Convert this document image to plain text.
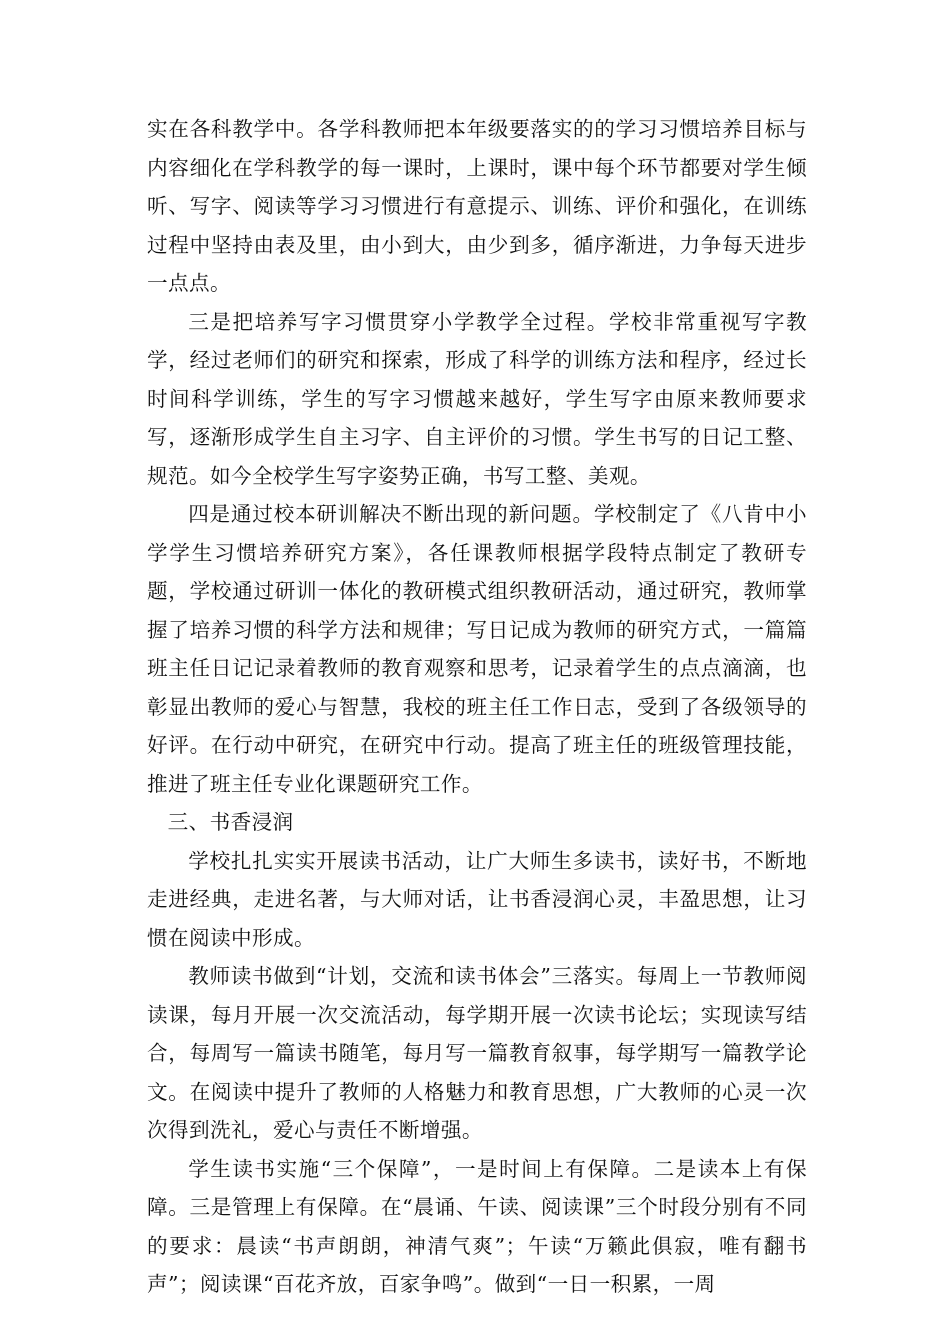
实在各科教学中。各学科教师把本年级要落实的的学习习惯培养目标与内容细化在学科教学的每一课时，上课时，课中每个环节都要对学生倾听、写字、阅读等学习习惯进行有意提示、训练、评价和强化，在训练过程中坚持由表及里，由小到大，由少到多，循序渐进，力争每天进步一点点。

三是把培养写字习惯贯穿小学教学全过程。学校非常重视写字教学，经过老师们的研究和探索，形成了科学的训练方法和程序，经过长时间科学训练，学生的写字习惯越来越好，学生写字由原来教师要求写，逐渐形成学生自主习字、自主评价的习惯。学生书写的日记工整、规范。如今全校学生写字姿势正确，书写工整、美观。

四是通过校本研训解决不断出现的新问题。学校制定了《八肯中小学学生习惯培养研究方案》，各任课教师根据学段特点制定了教研专题，学校通过研训一体化的教研模式组织教研活动，通过研究，教师掌握了培养习惯的科学方法和规律；写日记成为教师的研究方式，一篇篇班主任日记记录着教师的教育观察和思考，记录着学生的点点滴滴，也彰显出教师的爱心与智慧，我校的班主任工作日志，受到了各级领导的好评。在行动中研究，在研究中行动。提高了班主任的班级管理技能，推进了班主任专业化课题研究工作。

三、书香浸润

学校扎扎实实开展读书活动，让广大师生多读书，读好书，不断地走进经典，走进名著，与大师对话，让书香浸润心灵，丰盈思想，让习惯在阅读中形成。

教师读书做到“计划，交流和读书体会”三落实。每周上一节教师阅读课，每月开展一次交流活动，每学期开展一次读书论坛；实现读写结合，每周写一篇读书随笔，每月写一篇教育叙事，每学期写一篇教学论文。在阅读中提升了教师的人格魅力和教育思想，广大教师的心灵一次次得到洗礼，爱心与责任不断增强。

学生读书实施“三个保障”，一是时间上有保障。二是读本上有保障。三是管理上有保障。在“晨诵、午读、阅读课”三个时段分别有不同的要求：晨读“书声朗朗，神清气爽”；午读“万籁此俱寂，唯有翻书声”；阅读课“百花齐放，百家争鸣”。做到“一日一积累，一周
